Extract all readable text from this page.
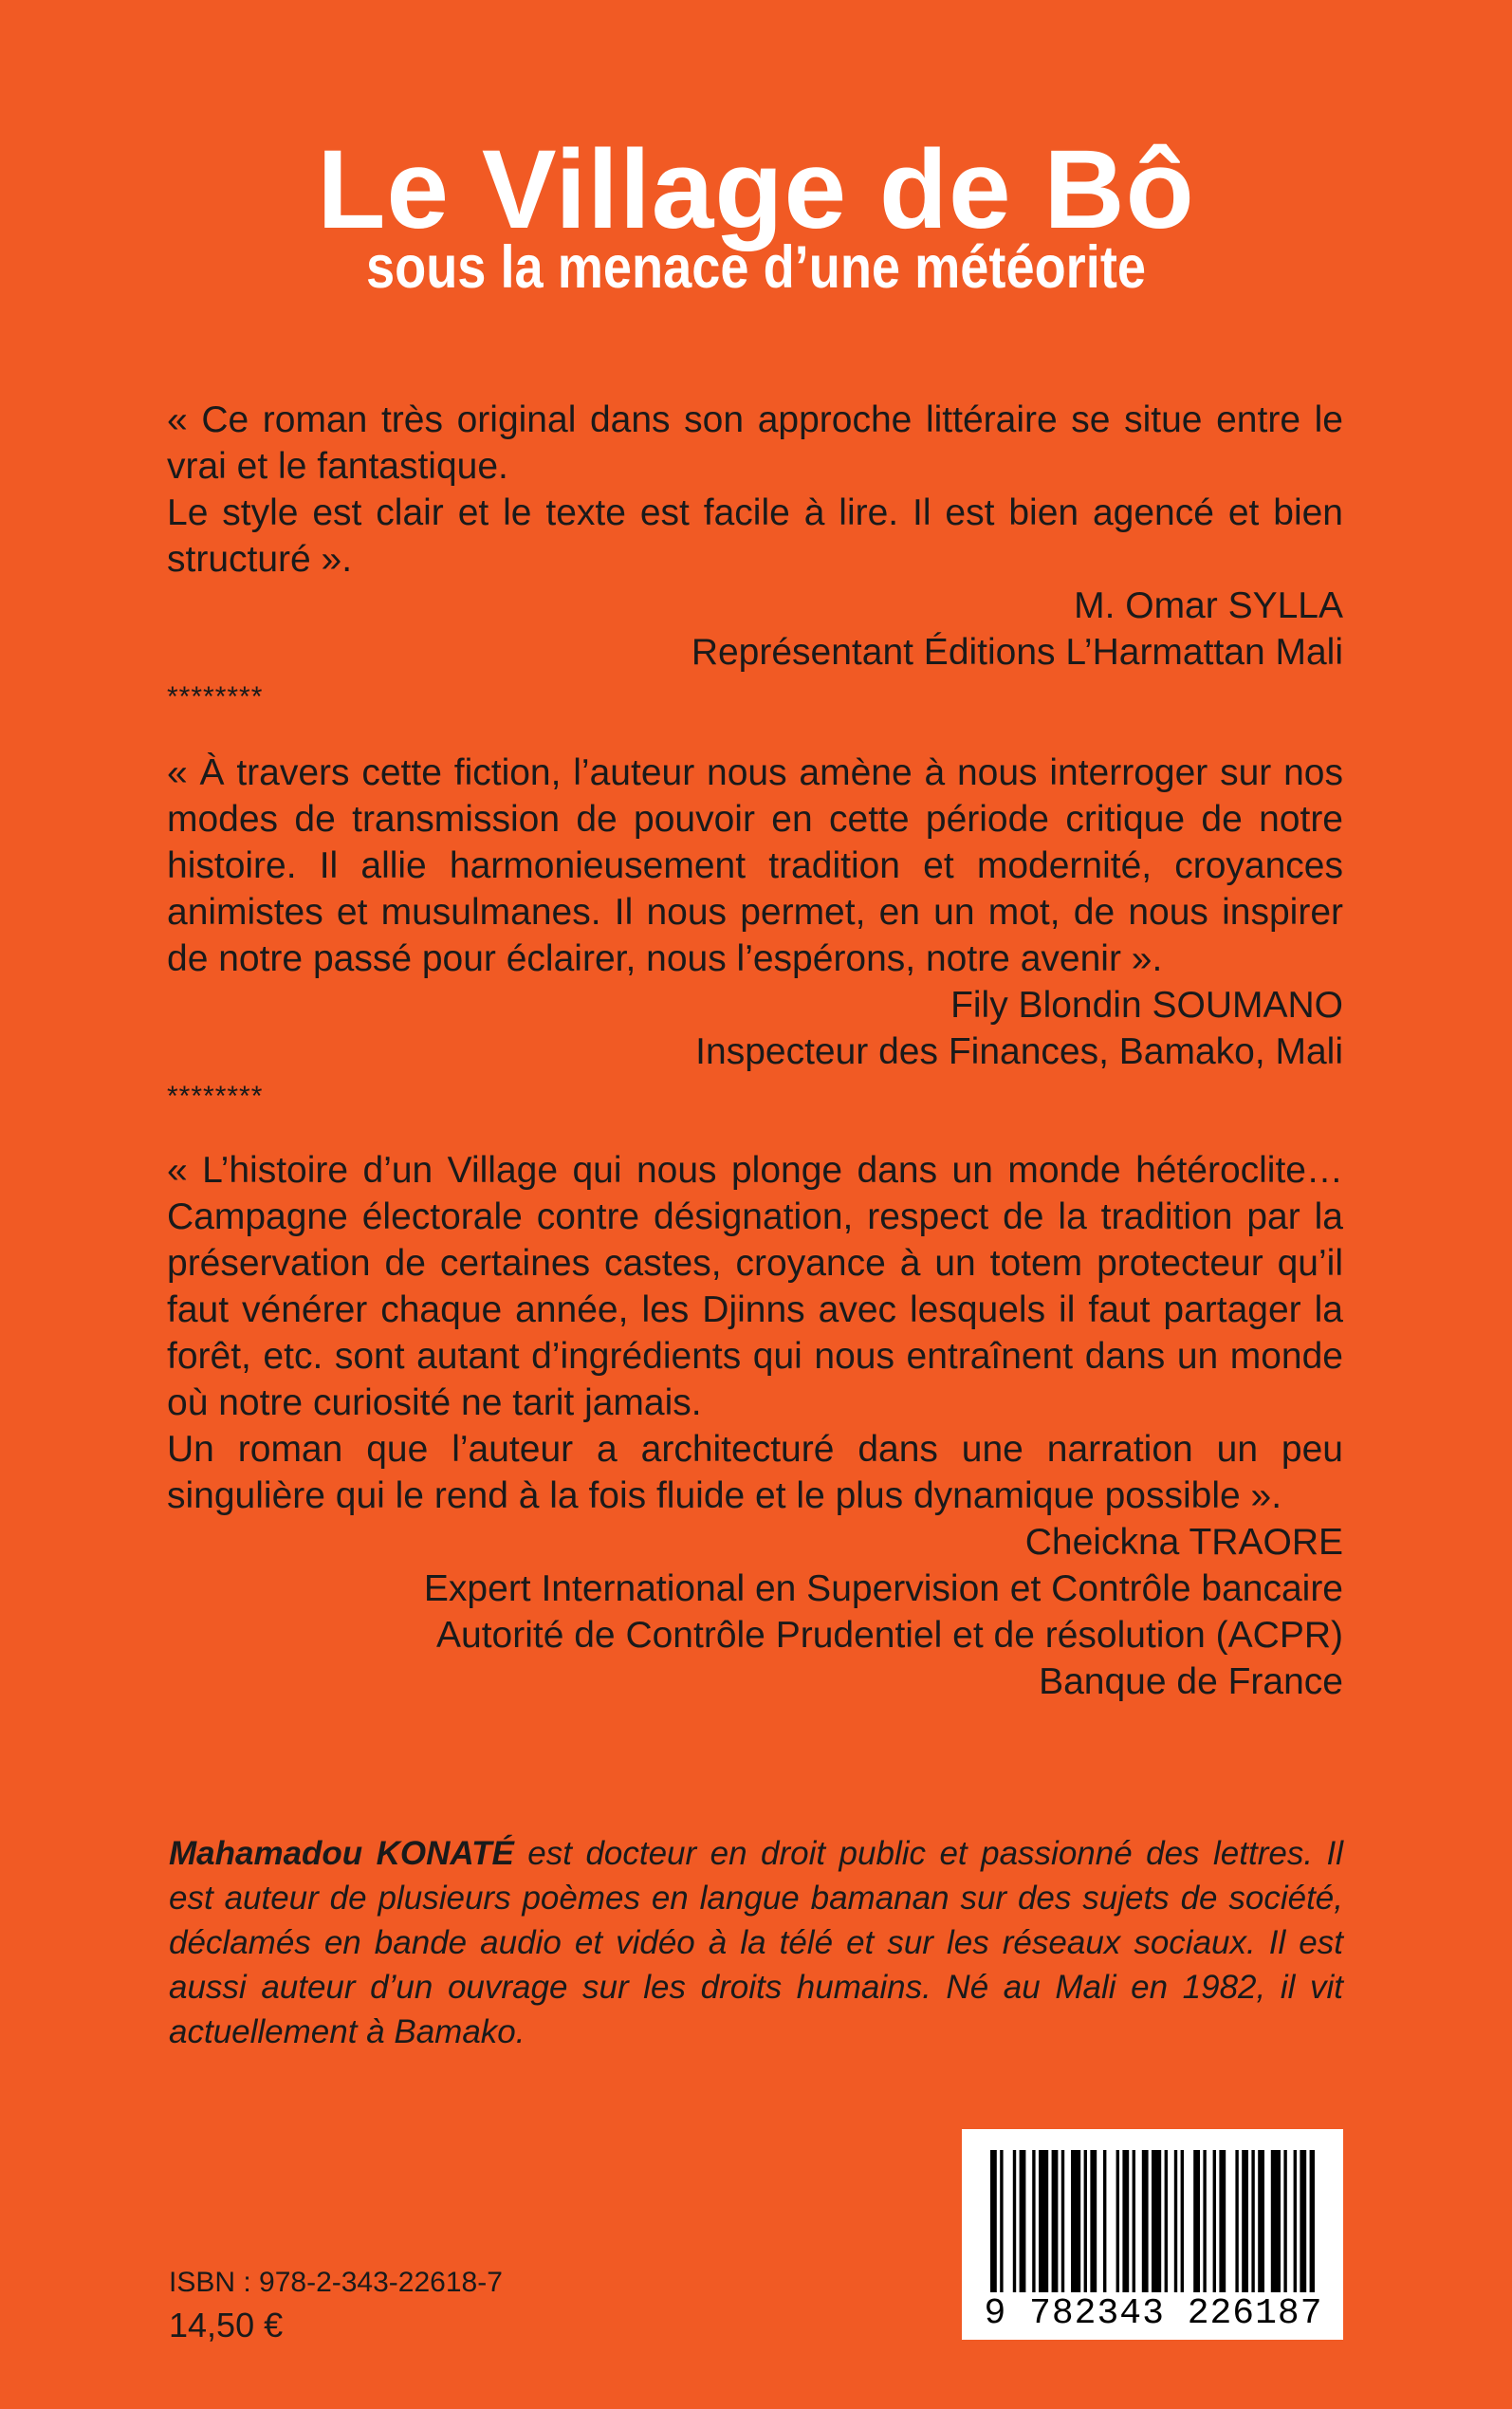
Le Village de Bô
sous la menace d’une météorite

« Ce roman très original dans son approche littéraire se situe entre le vrai et le fantastique.

Le style est clair et le texte est facile à lire. Il est bien agencé et bien structuré ».

M. Omar SYLLA

Représentant Éditions L’Harmattan Mali

********

« À travers cette fiction, l’auteur nous amène à nous interroger sur nos modes de transmission de pouvoir en cette période critique de notre histoire. Il allie harmonieusement tradition et modernité, croyances animistes et musulmanes. Il nous permet, en un mot, de nous inspirer de notre passé pour éclairer, nous l’espérons, notre avenir ».

Fily Blondin SOUMANO

Inspecteur des Finances, Bamako, Mali

********

« L’histoire d’un Village qui nous plonge dans un monde hétéroclite… Campagne électorale contre désignation, respect de la tradition par la préservation de certaines castes, croyance à un totem protecteur qu’il faut vénérer chaque année, les Djinns avec lesquels il faut partager la forêt, etc. sont autant d’ingrédients qui nous entraînent dans un monde où notre curiosité ne tarit jamais.

Un roman que l’auteur a architecturé dans une narration un peu singulière qui le rend à la fois fluide et le plus dynamique possible ».

Cheickna TRAORE

Expert International en Supervision et Contrôle bancaire

Autorité de Contrôle Prudentiel et de résolution (ACPR)

Banque de France

Mahamadou KONATÉ est docteur en droit public et passionné des lettres. Il est auteur de plusieurs poèmes en langue bamanan sur des sujets de société, déclamés en bande audio et vidéo à la télé et sur les réseaux sociaux. Il est aussi auteur d’un ouvrage sur les droits humains. Né au Mali en 1982, il vit actuellement à Bamako.
ISBN : 978-2-343-22618-7
14,50 €	9 782343 226187
